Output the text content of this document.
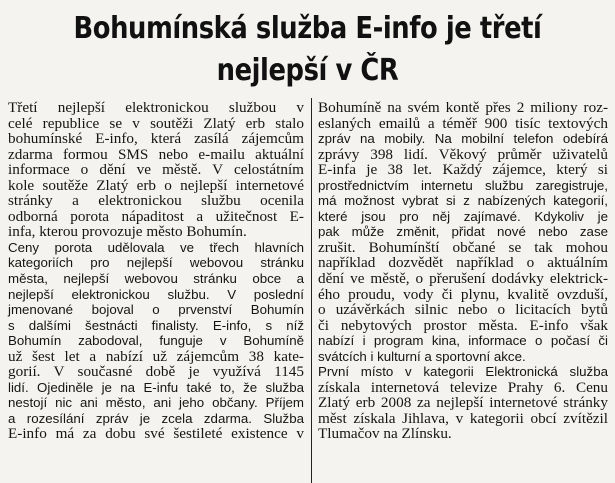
Bohumínská služba E-info je třetí
nejlepší v ČR
Třetí nejlepší elektronickou službou v
celé republice se v soutěži Zlatý erb stalo
bohumínské E-info, která zasílá zájemcům
zdarma formou SMS nebo e-mailu aktuální
informace o dění ve městě. V celostátním
kole soutěže Zlatý erb o nejlepší internetové
stránky a elektronickou službu ocenila
odborná porota nápaditost a užitečnost E-
infa, kterou provozuje město Bohumín.
Ceny porota udělovala ve třech hlavních
kategoriích pro nejlepší webovou stránku
města, nejlepší webovou stránku obce a
nejlepší elektronickou službu. V poslední
jmenované bojoval o prvenství Bohumín
s dalšími šestnácti finalisty. E-info, s níž
Bohumín zabodoval, funguje v Bohumíně
už šest let a nabízí už zájemcům 38 kate-
gorií. V současné době je využívá 1145
lidí. Ojediněle je na E-infu také to, že služba
nestojí nic ani město, ani jeho občany. Příjem
a rozesílání zpráv je zcela zdarma. Služba
E-info má za dobu své šestileté existence v
Bohumíně na svém kontě přes 2 miliony roz-
eslaných emailů a téměř 900 tisíc textových
zpráv na mobily. Na mobilní telefon odebírá
zprávy 398 lidí. Věkový průměr uživatelů
E-infa je 38 let. Každý zájemce, který si
prostřednictvím internetu službu zaregistruje,
má možnost vybrat si z nabízených kategorií,
které jsou pro něj zajímavé. Kdykoliv je
pak může změnit, přidat nové nebo zase
zrušit. Bohumínští občané se tak mohou
například dozvědět například o aktuálním
dění ve městě, o přerušení dodávky elektrick-
ého proudu, vody či plynu, kvalitě ovzduší,
o uzávěrkách silnic nebo o licitacích bytů
či nebytových prostor města. E-info však
nabízí i program kina, informace o počasí či
svátcích i kulturní a sportovní akce.
První místo v kategorii Elektronická služba
získala internetová televize Prahy 6. Cenu
Zlatý erb 2008 za nejlepší internetové stránky
měst získala Jihlava, v kategorii obcí zvítězil
Tlumačov na Zlínsku.
